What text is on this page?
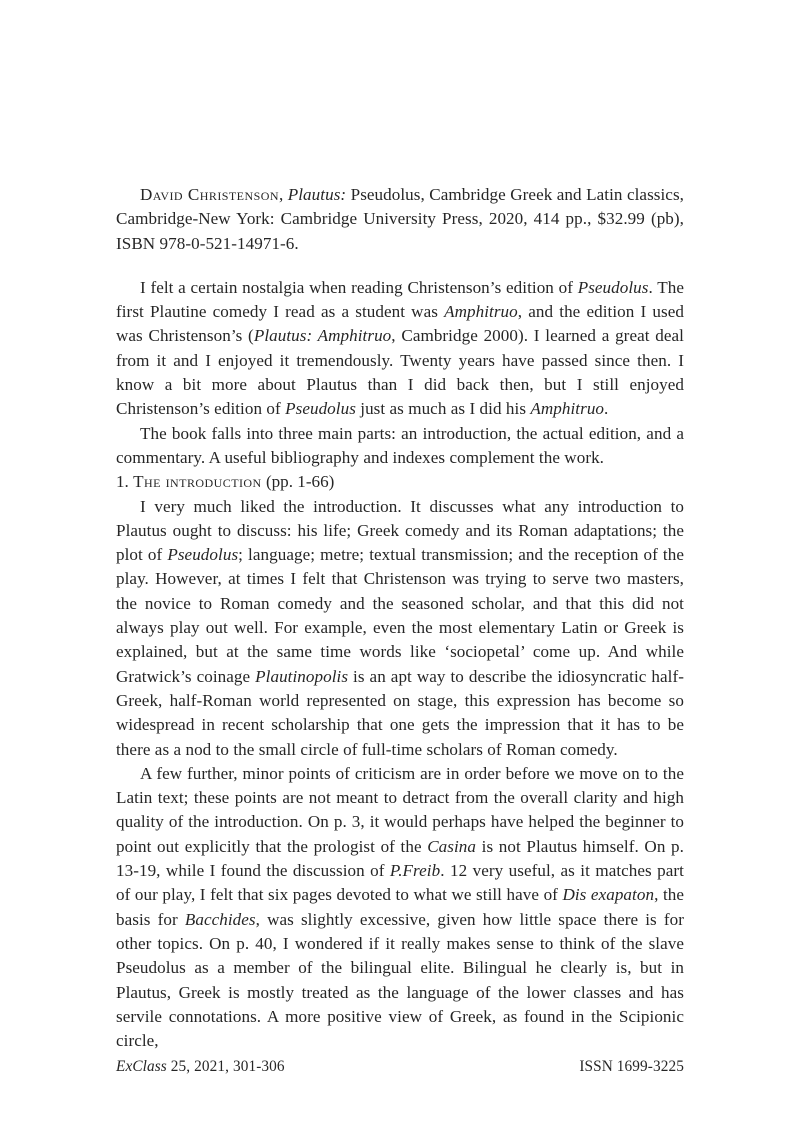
David Christenson, Plautus: Pseudolus, Cambridge Greek and Latin classics, Cambridge-New York: Cambridge University Press, 2020, 414 pp., $32.99 (pb), ISBN 978-0-521-14971-6.

I felt a certain nostalgia when reading Christenson’s edition of Pseudolus. The first Plautine comedy I read as a student was Amphitruo, and the edition I used was Christenson’s (Plautus: Amphitruo, Cambridge 2000). I learned a great deal from it and I enjoyed it tremendously. Twenty years have passed since then. I know a bit more about Plautus than I did back then, but I still enjoyed Christenson’s edition of Pseudolus just as much as I did his Amphitruo.

The book falls into three main parts: an introduction, the actual edition, and a commentary. A useful bibliography and indexes complement the work.

1. The introduction (pp. 1-66)

I very much liked the introduction. It discusses what any introduction to Plautus ought to discuss: his life; Greek comedy and its Roman adaptations; the plot of Pseudolus; language; metre; textual transmission; and the reception of the play. However, at times I felt that Christenson was trying to serve two masters, the novice to Roman comedy and the seasoned scholar, and that this did not always play out well. For example, even the most elementary Latin or Greek is explained, but at the same time words like ‘sociopetal’ come up. And while Gratwick’s coinage Plautinopolis is an apt way to describe the idiosyncratic half-Greek, half-Roman world represented on stage, this expression has become so widespread in recent scholarship that one gets the impression that it has to be there as a nod to the small circle of full-time scholars of Roman comedy.

A few further, minor points of criticism are in order before we move on to the Latin text; these points are not meant to detract from the overall clarity and high quality of the introduction. On p. 3, it would perhaps have helped the beginner to point out explicitly that the prologist of the Casina is not Plautus himself. On p. 13-19, while I found the discussion of P.Freib. 12 very useful, as it matches part of our play, I felt that six pages devoted to what we still have of Dis exapaton, the basis for Bacchides, was slightly excessive, given how little space there is for other topics. On p. 40, I wondered if it really makes sense to think of the slave Pseudolus as a member of the bilingual elite. Bilingual he clearly is, but in Plautus, Greek is mostly treated as the language of the lower classes and has servile connotations. A more positive view of Greek, as found in the Scipionic circle,

ExClass 25, 2021, 301-306	ISSN 1699-3225
